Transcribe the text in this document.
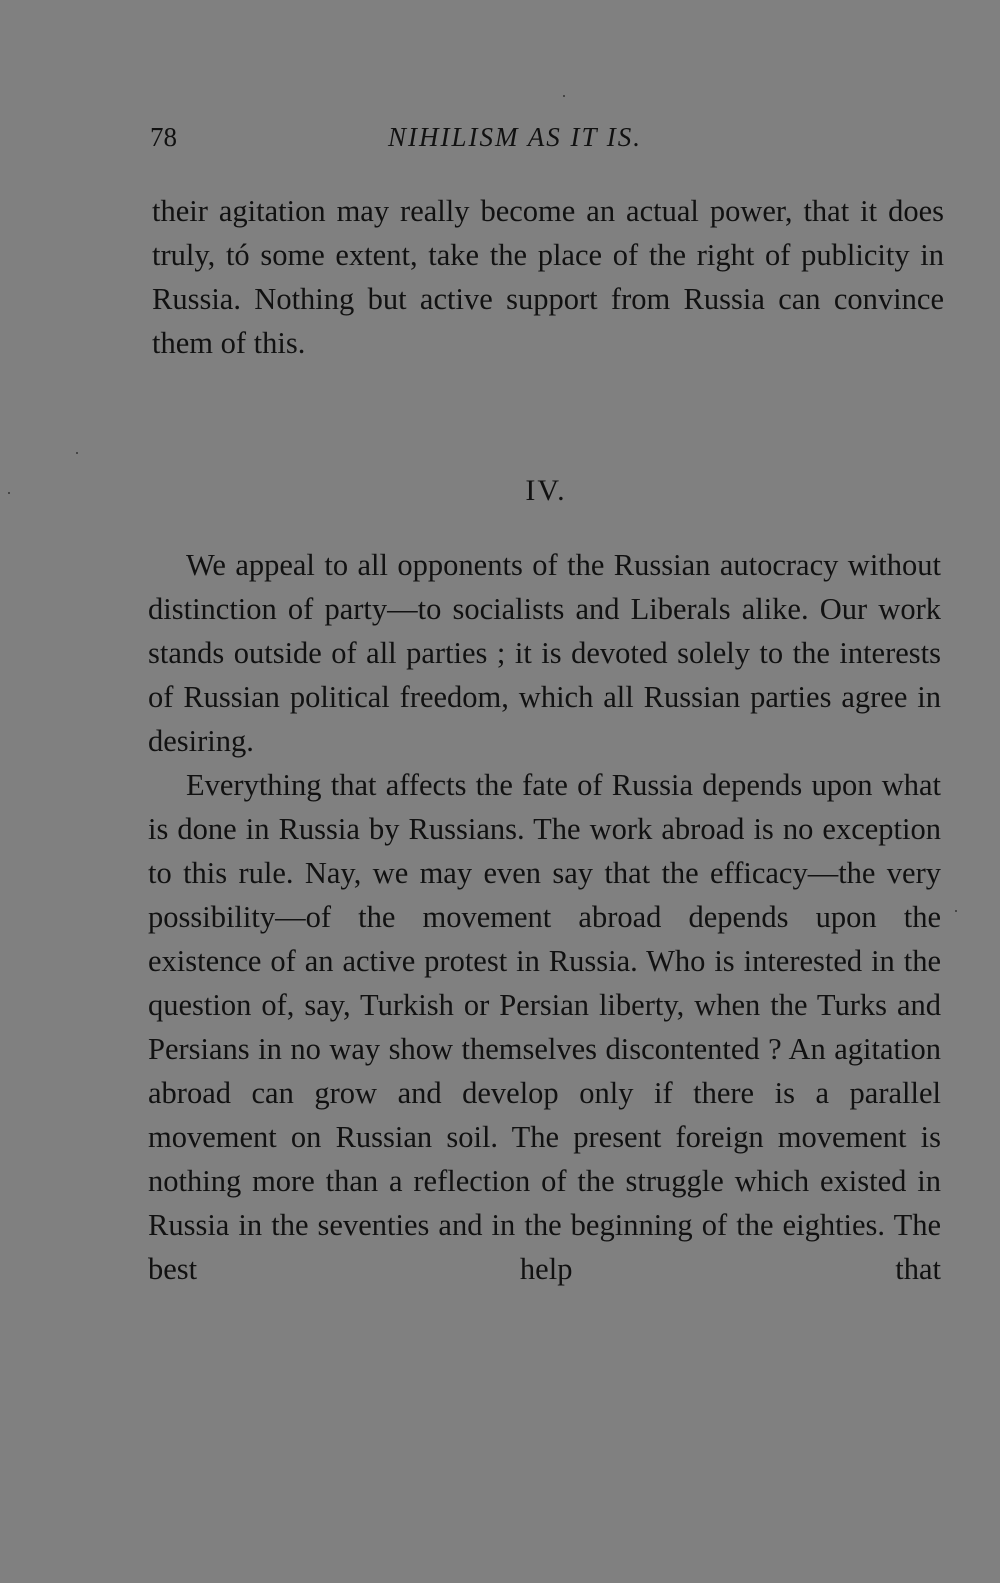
78	NIHILISM AS IT IS.

their agitation may really become an actual power, that it does truly, tó some extent, take the place of the right of publicity in Russia. Nothing but active support from Russia can convince them of this.

IV.

We appeal to all opponents of the Russian autocracy without distinction of party—to socialists and Liberals alike. Our work stands outside of all parties ; it is devoted solely to the interests of Russian political freedom, which all Russian parties agree in desiring.

Everything that affects the fate of Russia depends upon what is done in Russia by Russians. The work abroad is no exception to this rule. Nay, we may even say that the efficacy—the very possibility—of the movement abroad depends upon the existence of an active protest in Russia. Who is interested in the question of, say, Turkish or Persian liberty, when the Turks and Persians in no way show themselves discontented ? An agitation abroad can grow and develop only if there is a parallel movement on Russian soil. The present foreign movement is nothing more than a reflection of the struggle which existed in Russia in the seventies and in the beginning of the eighties. The best help that
